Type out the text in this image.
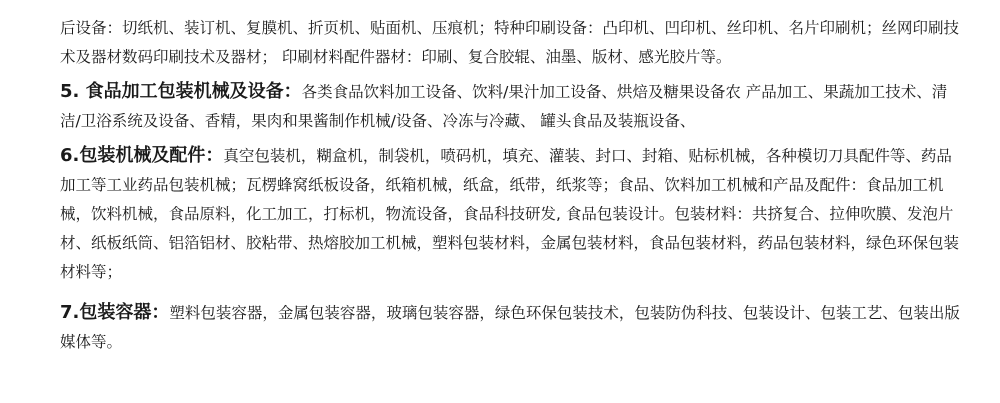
后设备：切纸机、装订机、复膜机、折页机、贴面机、压痕机；特种印刷设备：凸印机、凹印机、丝印机、名片印刷机；丝网印刷技术及器材数码印刷技术及器材； 印刷材料配件器材：印刷、复合胶辊、油墨、版材、感光胶片等。

5. 食品加工包装机械及设备：各类食品饮料加工设备、饮料/果汁加工设备、烘焙及糖果设备农 产品加工、果蔬加工技术、清洁/卫浴系统及设备、香精，果肉和果酱制作机械/设备、冷冻与冷藏、 罐头食品及装瓶设备、

6.包装机械及配件：真空包装机，糊盒机，制袋机，喷码机，填充、灌装、封口、封箱、贴标机械，各种模切刀具配件等、药品加工等工业药品包装机械；瓦楞蜂窝纸板设备，纸箱机械，纸盒，纸带，纸浆等；食品、饮料加工机械和产品及配件：食品加工机械，饮料机械，食品原料，化工加工，打标机，物流设备，食品科技研发, 食品包装设计。包装材料：共挤复合、拉伸吹膜、发泡片材、纸板纸筒、铝箔铝材、胶粘带、热熔胶加工机械，塑料包装材料，金属包装材料，食品包装材料，药品包装材料，绿色环保包装材料等；

7.包装容器：塑料包装容器，金属包装容器，玻璃包装容器，绿色环保包装技术，包装防伪科技、包装设计、包装工艺、包装出版媒体等。
